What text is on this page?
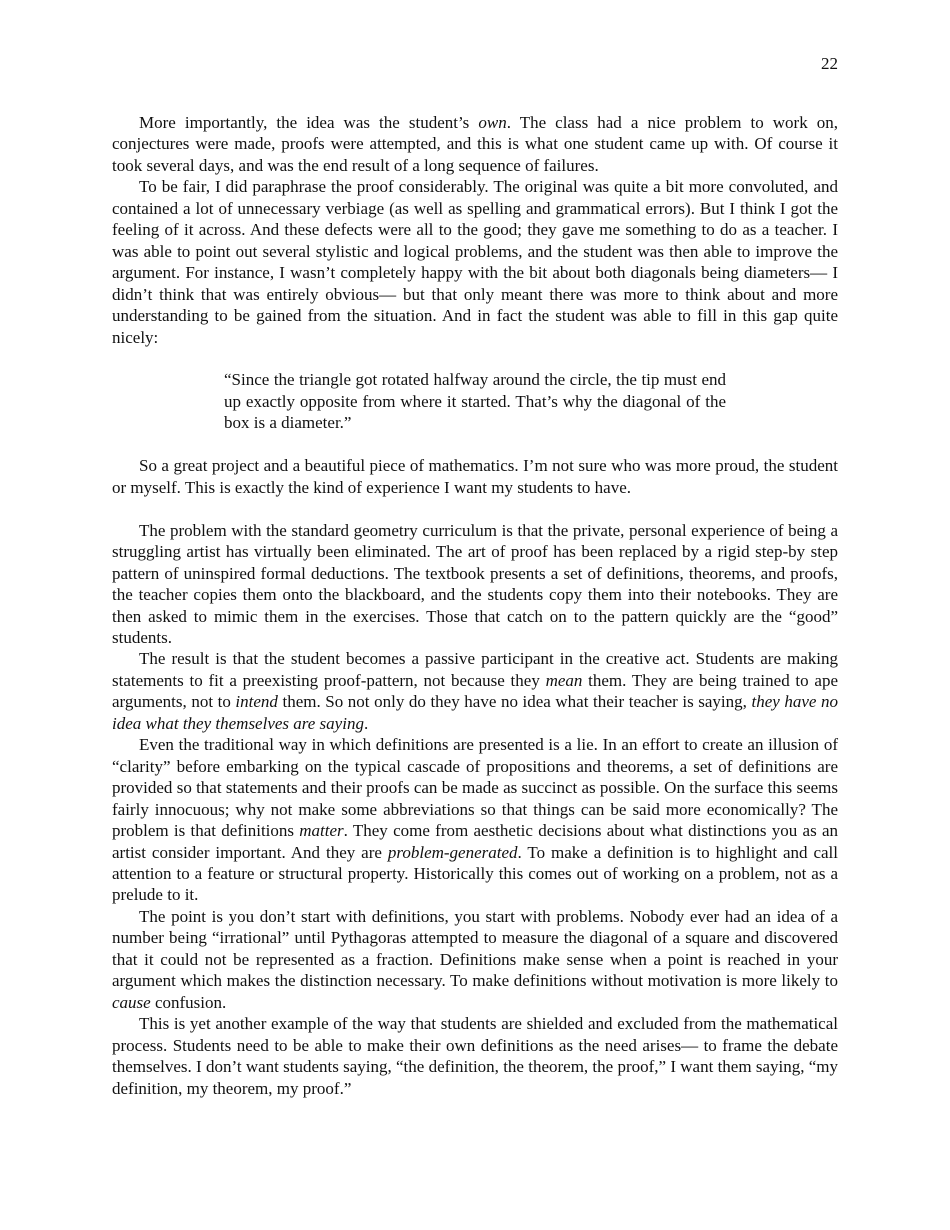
22

More importantly, the idea was the student’s own. The class had a nice problem to work on, conjectures were made, proofs were attempted, and this is what one student came up with. Of course it took several days, and was the end result of a long sequence of failures.

To be fair, I did paraphrase the proof considerably. The original was quite a bit more convoluted, and contained a lot of unnecessary verbiage (as well as spelling and grammatical errors). But I think I got the feeling of it across. And these defects were all to the good; they gave me something to do as a teacher. I was able to point out several stylistic and logical problems, and the student was then able to improve the argument. For instance, I wasn’t completely happy with the bit about both diagonals being diameters— I didn’t think that was entirely obvious— but that only meant there was more to think about and more understanding to be gained from the situation. And in fact the student was able to fill in this gap quite nicely:

“Since the triangle got rotated halfway around the circle, the tip must end up exactly opposite from where it started. That’s why the diagonal of the box is a diameter.”

So a great project and a beautiful piece of mathematics. I’m not sure who was more proud, the student or myself. This is exactly the kind of experience I want my students to have.

The problem with the standard geometry curriculum is that the private, personal experience of being a struggling artist has virtually been eliminated. The art of proof has been replaced by a rigid step-by step pattern of uninspired formal deductions. The textbook presents a set of definitions, theorems, and proofs, the teacher copies them onto the blackboard, and the students copy them into their notebooks. They are then asked to mimic them in the exercises. Those that catch on to the pattern quickly are the “good” students.

The result is that the student becomes a passive participant in the creative act. Students are making statements to fit a preexisting proof-pattern, not because they mean them. They are being trained to ape arguments, not to intend them. So not only do they have no idea what their teacher is saying, they have no idea what they themselves are saying.

Even the traditional way in which definitions are presented is a lie. In an effort to create an illusion of “clarity” before embarking on the typical cascade of propositions and theorems, a set of definitions are provided so that statements and their proofs can be made as succinct as possible. On the surface this seems fairly innocuous; why not make some abbreviations so that things can be said more economically? The problem is that definitions matter. They come from aesthetic decisions about what distinctions you as an artist consider important. And they are problem-generated. To make a definition is to highlight and call attention to a feature or structural property. Historically this comes out of working on a problem, not as a prelude to it.

The point is you don’t start with definitions, you start with problems. Nobody ever had an idea of a number being “irrational” until Pythagoras attempted to measure the diagonal of a square and discovered that it could not be represented as a fraction. Definitions make sense when a point is reached in your argument which makes the distinction necessary. To make definitions without motivation is more likely to cause confusion.

This is yet another example of the way that students are shielded and excluded from the mathematical process. Students need to be able to make their own definitions as the need arises— to frame the debate themselves. I don’t want students saying, “the definition, the theorem, the proof,” I want them saying, “my definition, my theorem, my proof.”
